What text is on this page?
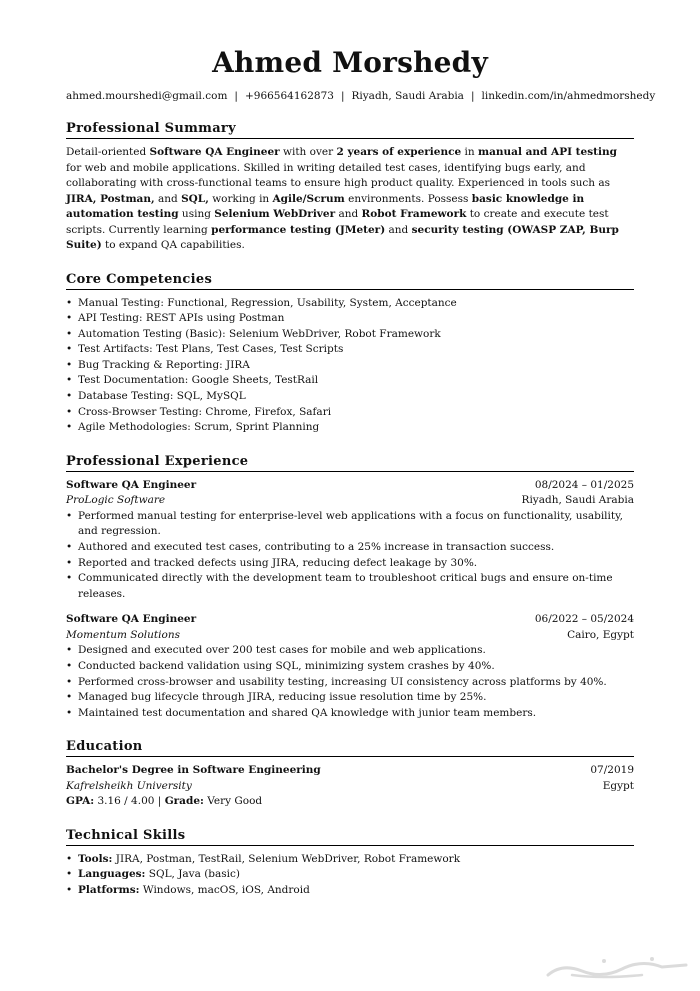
Ahmed Morshedy
ahmed.mourshedi@gmail.com | +966564162873 | Riyadh, Saudi Arabia | linkedin.com/in/ahmedmorshedy
Professional Summary
Detail-oriented Software QA Engineer with over 2 years of experience in manual and API testing for web and mobile applications. Skilled in writing detailed test cases, identifying bugs early, and collaborating with cross-functional teams to ensure high product quality. Experienced in tools such as JIRA, Postman, and SQL, working in Agile/Scrum environments. Possess basic knowledge in automation testing using Selenium WebDriver and Robot Framework to create and execute test scripts. Currently learning performance testing (JMeter) and security testing (OWASP ZAP, Burp Suite) to expand QA capabilities.
Core Competencies
• Manual Testing: Functional, Regression, Usability, System, Acceptance
• API Testing: REST APIs using Postman
• Automation Testing (Basic): Selenium WebDriver, Robot Framework
• Test Artifacts: Test Plans, Test Cases, Test Scripts
• Bug Tracking & Reporting: JIRA
• Test Documentation: Google Sheets, TestRail
• Database Testing: SQL, MySQL
• Cross-Browser Testing: Chrome, Firefox, Safari
• Agile Methodologies: Scrum, Sprint Planning
Professional Experience
Software QA Engineer	08/2024 – 01/2025
ProLogic Software	Riyadh, Saudi Arabia
• Performed manual testing for enterprise-level web applications with a focus on functionality, usability, and regression.
• Authored and executed test cases, contributing to a 25% increase in transaction success.
• Reported and tracked defects using JIRA, reducing defect leakage by 30%.
• Communicated directly with the development team to troubleshoot critical bugs and ensure on-time releases.
Software QA Engineer	06/2022 – 05/2024
Momentum Solutions	Cairo, Egypt
• Designed and executed over 200 test cases for mobile and web applications.
• Conducted backend validation using SQL, minimizing system crashes by 40%.
• Performed cross-browser and usability testing, increasing UI consistency across platforms by 40%.
• Managed bug lifecycle through JIRA, reducing issue resolution time by 25%.
• Maintained test documentation and shared QA knowledge with junior team members.
Education
Bachelor's Degree in Software Engineering	07/2019
Kafrelsheikh University	Egypt
GPA: 3.16 / 4.00 | Grade: Very Good
Technical Skills
• Tools: JIRA, Postman, TestRail, Selenium WebDriver, Robot Framework
• Languages: SQL, Java (basic)
• Platforms: Windows, macOS, iOS, Android
